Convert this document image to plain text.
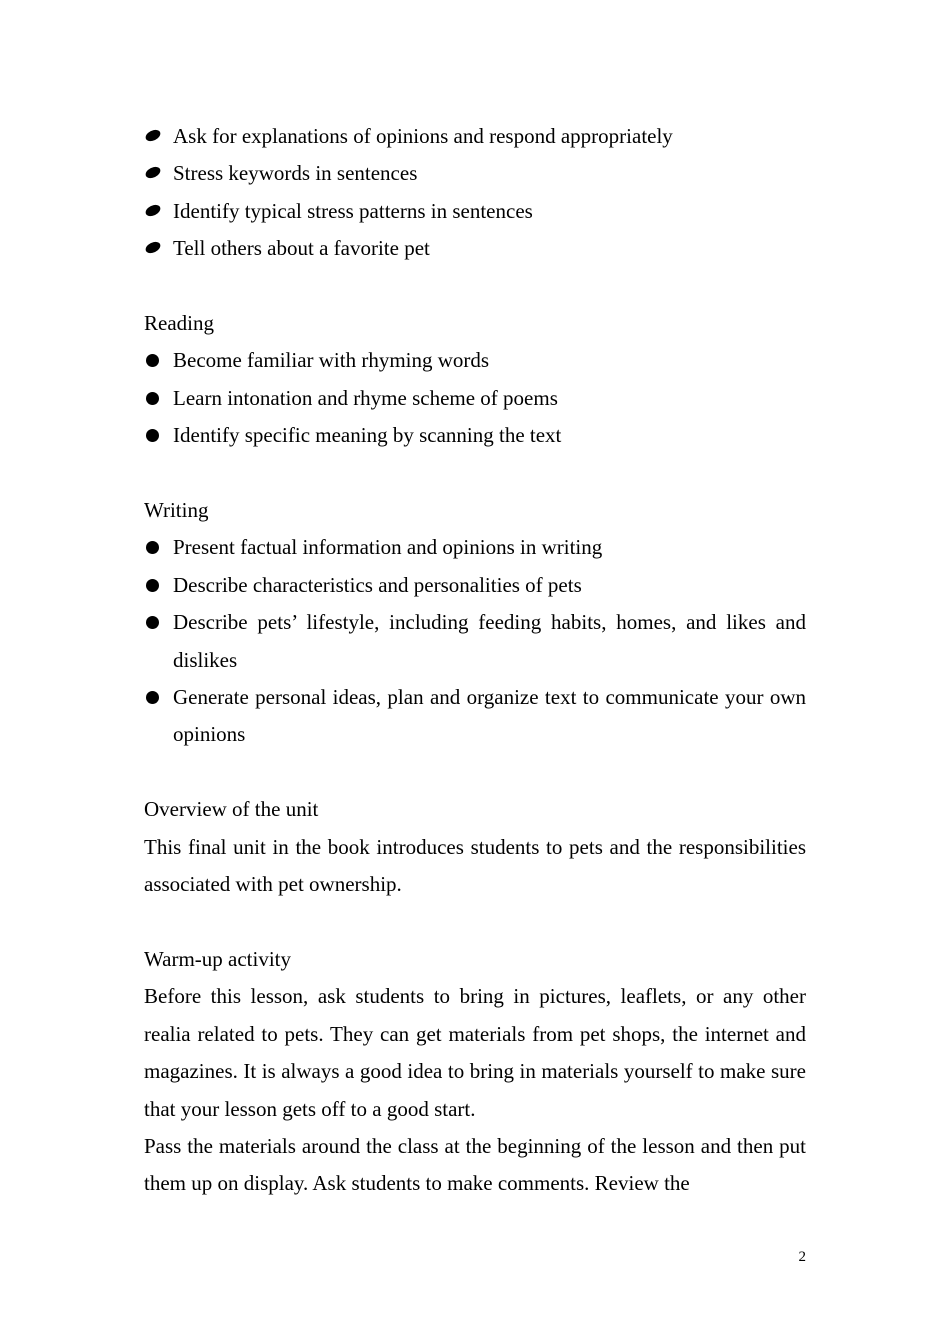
Ask for explanations of opinions and respond appropriately
Stress keywords in sentences
Identify typical stress patterns in sentences
Tell others about a favorite pet
Reading
Become familiar with rhyming words
Learn intonation and rhyme scheme of poems
Identify specific meaning by scanning the text
Writing
Present factual information and opinions in writing
Describe characteristics and personalities of pets
Describe pets’ lifestyle, including feeding habits, homes, and likes and dislikes
Generate personal ideas, plan and organize text to communicate your own opinions
Overview of the unit

This final unit in the book introduces students to pets and the responsibilities associated with pet ownership.

Warm-up activity

Before this lesson, ask students to bring in pictures, leaflets, or any other realia related to pets. They can get materials from pet shops, the internet and magazines. It is always a good idea to bring in materials yourself to make sure that your lesson gets off to a good start.

Pass the materials around the class at the beginning of the lesson and then put them up on display. Ask students to make comments. Review the

2
